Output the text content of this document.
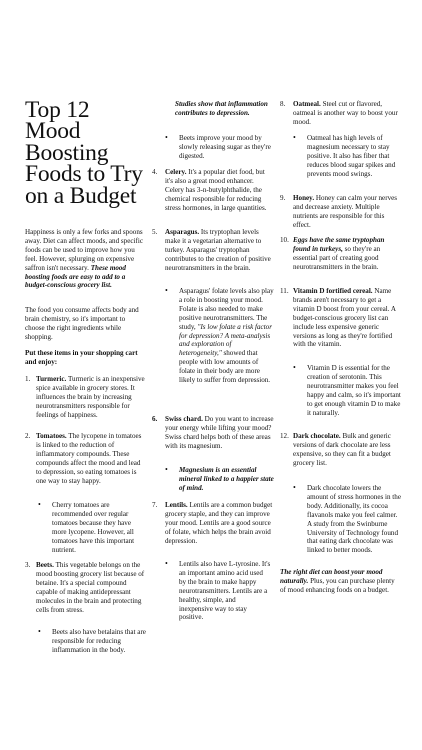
Top 12 Mood Boosting Foods to Try on a Budget

Happiness is only a few forks and spoons away. Diet can affect moods, and specific foods can be used to improve how you feel. However, splurging on expensive saffron isn't necessary. These mood boosting foods are easy to add to a budget-conscious grocery list.

The food you consume affects body and brain chemistry, so it's important to choose the right ingredients while shopping.

Put these items in your shopping cart and enjoy:

1. Turmeric. Turmeric is an inexpensive spice available in grocery stores. It influences the brain by increasing neurotransmitters responsible for feelings of happiness.
2. Tomatoes. The lycopene in tomatoes is linked to the reduction of inflammatory compounds. These compounds affect the mood and lead to depression, so eating tomatoes is one way to stay happy.
• Cherry tomatoes are recommended over regular tomatoes because they have more lycopene. However, all tomatoes have this important nutrient.
3. Beets. This vegetable belongs on the mood boosting grocery list because of betaine. It's a special compound capable of making antidepressant molecules in the brain and protecting cells from stress.
• Beets also have betalains that are responsible for reducing inflammation in the body.
Studies show that inflammation contributes to depression.
• Beets improve your mood by slowly releasing sugar as they're digested.
4. Celery. It's a popular diet food, but it's also a great mood enhancer. Celery has 3-n-butylphthalide, the chemical responsible for reducing stress hormones, in large quantities.
5. Asparagus. Its tryptophan levels make it a vegetarian alternative to turkey. Asparagus' tryptophan contributes to the creation of positive neurotransmitters in the brain.
• Asparagus' folate levels also play a role in boosting your mood. Folate is also needed to make positive neurotransmitters. The study, "Is low folate a risk factor for depression? A meta-analysis and exploration of heterogeneity," showed that people with low amounts of folate in their body are more likely to suffer from depression.
6. Swiss chard. Do you want to increase your energy while lifting your mood? Swiss chard helps both of these areas with its magnesium.
• Magnesium is an essential mineral linked to a happier state of mind.
7. Lentils. Lentils are a common budget grocery staple, and they can improve your mood. Lentils are a good source of folate, which helps the brain avoid depression.
• Lentils also have L-tyrosine. It's an important amino acid used by the brain to make happy neurotransmitters. Lentils are a healthy, simple, and inexpensive way to stay positive.
8. Oatmeal. Steel cut or flavored, oatmeal is another way to boost your mood.
• Oatmeal has high levels of magnesium necessary to stay positive. It also has fiber that reduces blood sugar spikes and prevents mood swings.
9. Honey. Honey can calm your nerves and decrease anxiety. Multiple nutrients are responsible for this effect.
10. Eggs have the same tryptophan found in turkeys, so they're an essential part of creating good neurotransmitters in the brain.
11. Vitamin D fortified cereal. Name brands aren't necessary to get a vitamin D boost from your cereal. A budget-conscious grocery list can include less expensive generic versions as long as they're fortified with the vitamin.
• Vitamin D is essential for the creation of serotonin. This neurotransmitter makes you feel happy and calm, so it's important to get enough vitamin D to make it naturally.
12. Dark chocolate. Bulk and generic versions of dark chocolate are less expensive, so they can fit a budget grocery list.
• Dark chocolate lowers the amount of stress hormones in the body. Additionally, its cocoa flavanols make you feel calmer. A study from the Swinburne University of Technology found that eating dark chocolate was linked to better moods.

The right diet can boost your mood naturally. Plus, you can purchase plenty of mood enhancing foods on a budget.
